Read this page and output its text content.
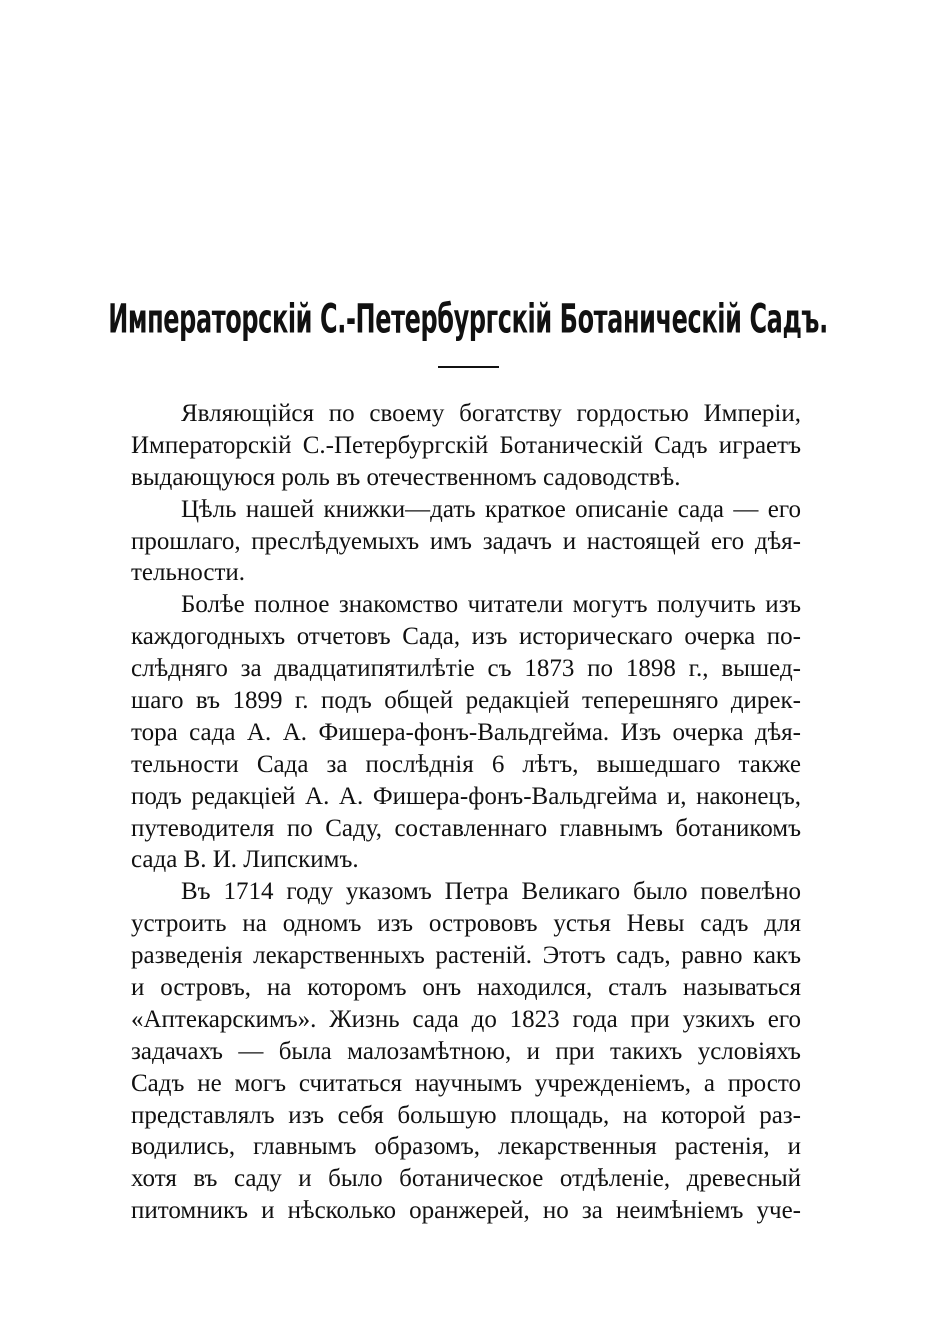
Императорскій С.-Петербургскій Ботаническій Садъ.
Являющійся по своему богатству гордостью Имперіи,
Императорскій С.-Петербургскій Ботаническій Садъ играетъ
выдающуюся роль въ отечественномъ садоводствѣ.
Цѣль нашей книжки—дать краткое описаніе сада — его
прошлаго, преслѣдуемыхъ имъ задачъ и настоящей его дѣя-
тельности.
Болѣе полное знакомство читатели могутъ получить изъ
каждогодныхъ отчетовъ Сада, изъ историческаго очерка по-
слѣдняго за двадцатипятилѣтіе съ 1873 по 1898 г., вышед-
шаго въ 1899 г. подъ общей редакціей теперешняго дирек-
тора сада А. А. Фишера-фонъ-Вальдгейма. Изъ очерка дѣя-
тельности Сада за послѣднія 6 лѣтъ, вышедшаго также
подъ редакціей А. А. Фишера-фонъ-Вальдгейма и, наконецъ,
путеводителя по Саду, составленнаго главнымъ ботаникомъ
сада В. И. Липскимъ.
Въ 1714 году указомъ Петра Великаго было повелѣно
устроить на одномъ изъ острововъ устья Невы садъ для
разведенія лекарственныхъ растеній. Этотъ садъ, равно какъ
и островъ, на которомъ онъ находился, сталъ называться
«Аптекарскимъ». Жизнь сада до 1823 года при узкихъ его
задачахъ — была малозамѣтною, и при такихъ условіяхъ
Садъ не могъ считаться научнымъ учрежденіемъ, а просто
представлялъ изъ себя большую площадь, на которой раз-
водились, главнымъ образомъ, лекарственныя растенія, и
хотя въ саду и было ботаническое отдѣленіе, древесный
питомникъ и нѣсколько оранжерей, но за неимѣніемъ уче-
